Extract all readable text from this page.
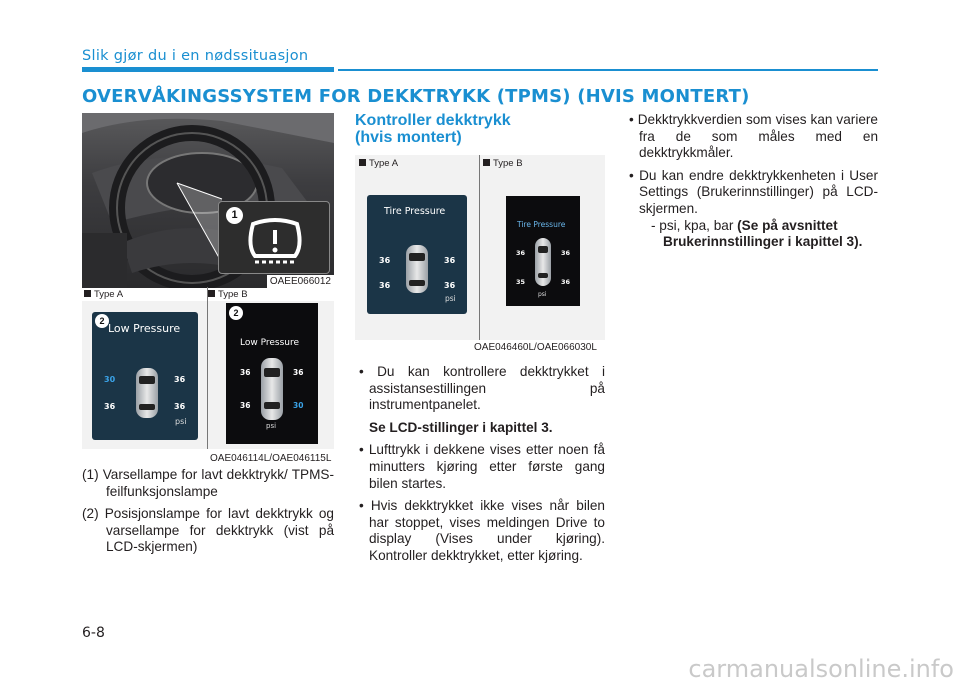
Slik gjør du i en nødssituasjon
OVERVÅKINGSSYSTEM FOR DEKKTRYKK (TPMS) (HVIS MONTERT)
1
OAEE066012
Type A	Type B
2
Low Pressure
30	36
36	36
psi
2
Low Pressure
36	36
36	30
psi
OAE046114L/OAE046115L

(1) Varsellampe for lavt dekktrykk/ TPMS-feilfunksjonslampe

(2) Posisjonslampe for lavt dekktrykk og varsellampe for dekktrykk (vist på LCD-skjermen)

Kontroller dekktrykk
(hvis montert)
Type A	Type B
Tire Pressure
36	36
36	36
psi
Tire Pressure
36	36
35	36
psi
OAE046460L/OAE066030L

• Du kan kontrollere dekktrykket i assistansestillingen på instrumentpanelet.

Se LCD-stillinger i kapittel 3.

• Lufttrykk i dekkene vises etter noen få minutters kjøring etter første gang bilen startes.

• Hvis dekktrykket ikke vises når bilen har stoppet, vises meldingen Drive to display (Vises under kjøring). Kontroller dekktrykket, etter kjøring.

• Dekktrykkverdien som vises kan variere fra de som måles med en dekktrykkmåler.

• Du kan endre dekktrykkenheten i User Settings (Brukerinnstillinger) på LCD-skjermen.

- psi, kpa, bar (Se på avsnittet Brukerinnstillinger i kapittel 3).

6-8
carmanualsonline.info
